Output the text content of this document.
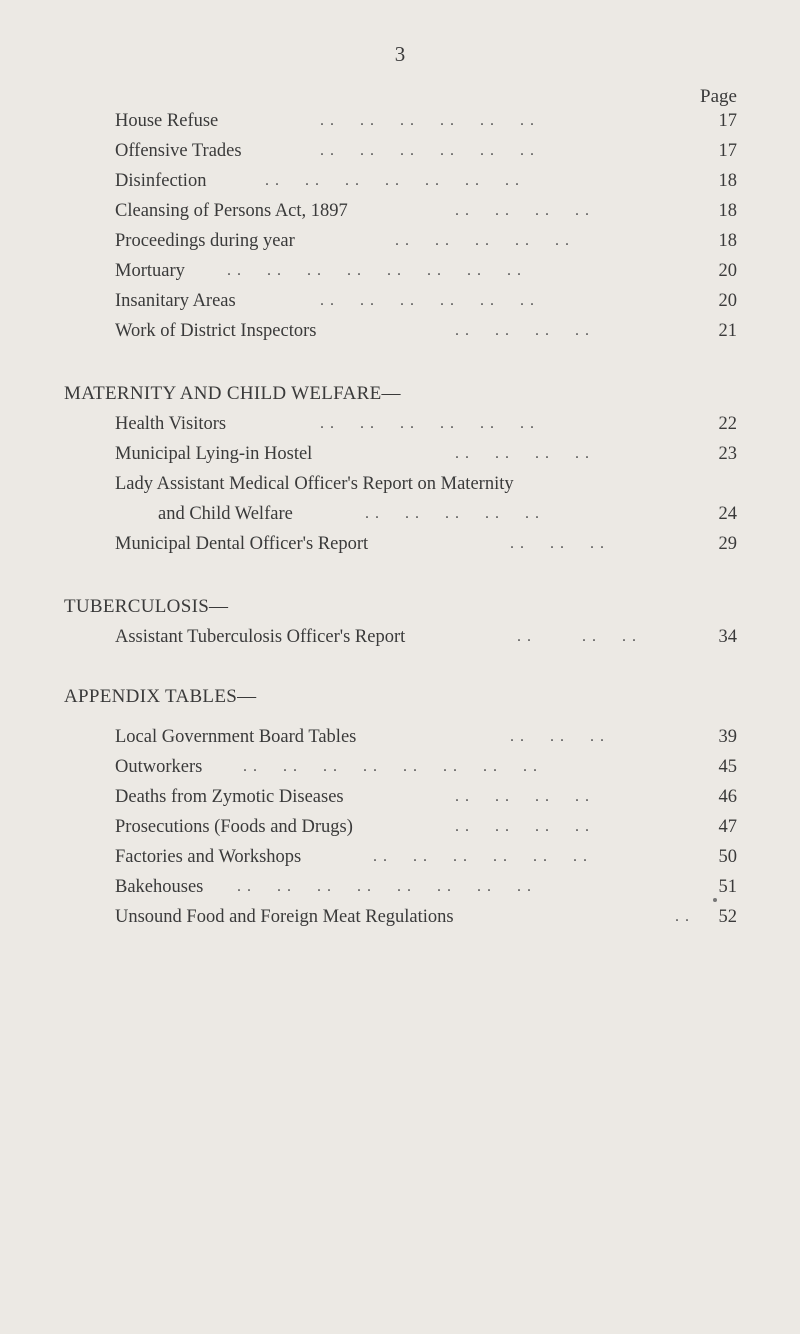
3
Page
House Refuse	. .     . .     . .     . .     . .     . .	17
Offensive Trades	. .     . .     . .     . .     . .     . .	17
Disinfection	. .     . .     . .     . .     . .     . .     . .	18
Cleansing of Persons Act, 1897	. .     . .     . .     . .	18
Proceedings during year	. .     . .     . .     . .     . .	18
Mortuary	. .     . .     . .     . .     . .     . .     . .     . .	20
Insanitary Areas	. .     . .     . .     . .     . .     . .	20
Work of District Inspectors	. .     . .     . .     . .	21
MATERNITY AND CHILD WELFARE—
Health Visitors	. .     . .     . .     . .     . .     . .	22
Municipal Lying-in Hostel	. .     . .     . .     . .	23
Lady Assistant Medical Officer's Report on Maternity
and Child Welfare	. .     . .     . .     . .     . .	24
Municipal Dental Officer's Report	. .     . .     . .	29
TUBERCULOSIS—
Assistant Tuberculosis Officer's Report	. .          . .     . .	34
APPENDIX TABLES—
Local Government Board Tables	. .     . .     . .	39
Outworkers	. .     . .     . .     . .     . .     . .     . .     . .	45
Deaths from Zymotic Diseases	. .     . .     . .     . .	46
Prosecutions (Foods and Drugs)	. .     . .     . .     . .	47
Factories and Workshops	. .     . .     . .     . .     . .     . .	50
Bakehouses . .     . .     . .     . .     . .     . .     . .     . .	51
Unsound Food and Foreign Meat Regulations	. . 52
